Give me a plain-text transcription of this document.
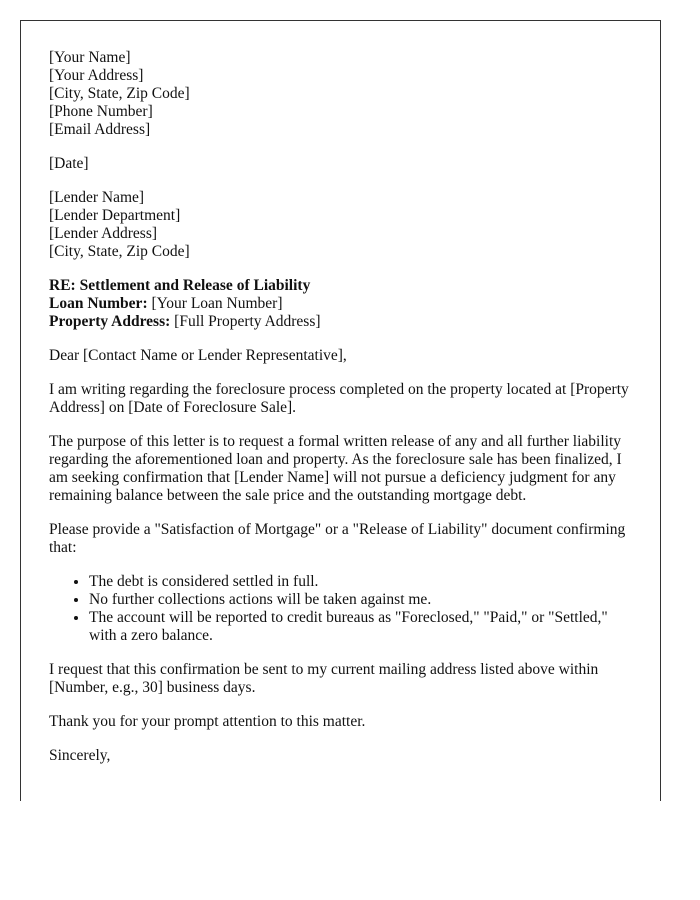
[Your Name]
[Your Address]
[City, State, Zip Code]
[Phone Number]
[Email Address]

[Date]

[Lender Name]
[Lender Department]
[Lender Address]
[City, State, Zip Code]

RE: Settlement and Release of Liability
Loan Number: [Your Loan Number]
Property Address: [Full Property Address]

Dear [Contact Name or Lender Representative],

I am writing regarding the foreclosure process completed on the property located at [Property Address] on [Date of Foreclosure Sale].

The purpose of this letter is to request a formal written release of any and all further liability regarding the aforementioned loan and property. As the foreclosure sale has been finalized, I am seeking confirmation that [Lender Name] will not pursue a deficiency judgment for any remaining balance between the sale price and the outstanding mortgage debt.

Please provide a "Satisfaction of Mortgage" or a "Release of Liability" document confirming that:

• The debt is considered settled in full.
• No further collections actions will be taken against me.
• The account will be reported to credit bureaus as "Foreclosed," "Paid," or "Settled," with a zero balance.

I request that this confirmation be sent to my current mailing address listed above within [Number, e.g., 30] business days.

Thank you for your prompt attention to this matter.

Sincerely,
